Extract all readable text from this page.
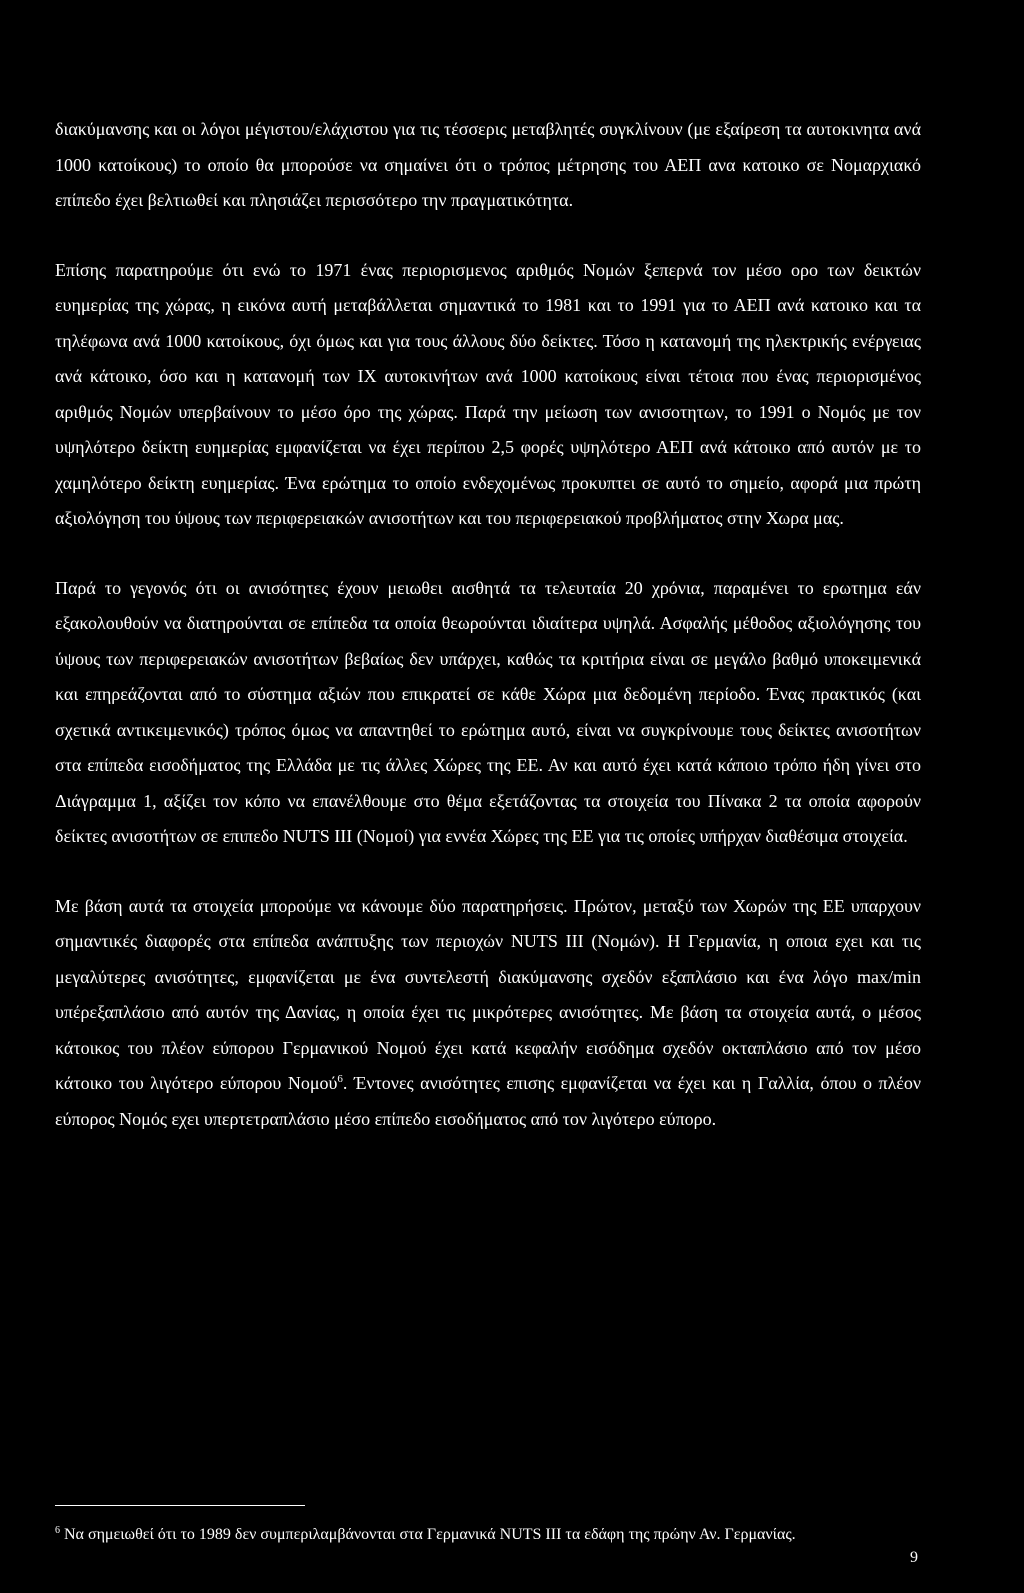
διακύμανσης και οι λόγοι μέγιστου/ελάχιστου για τις τέσσερις μεταβλητές συγκλίνουν (με εξαίρεση τα αυτοκινητα ανά 1000 κατοίκους) το οποίο θα μπορούσε να σημαίνει ότι ο τρόπος μέτρησης του ΑΕΠ ανα κατοικο σε Νομαρχιακό επίπεδο έχει βελτιωθεί και πλησιάζει περισσότερο την πραγματικότητα.

Επίσης παρατηρούμε ότι ενώ το 1971 ένας περιορισμενος αριθμός Νομών ξεπερνά τον μέσο ορο των δεικτών ευημερίας της χώρας, η εικόνα αυτή μεταβάλλεται σημαντικά το 1981 και το 1991 για το ΑΕΠ ανά κατοικο και τα τηλέφωνα ανά 1000 κατοίκους, όχι όμως και για τους άλλους δύο δείκτες. Τόσο η κατανομή της ηλεκτρικής ενέργειας ανά κάτοικο, όσο και η κατανομή των ΙΧ αυτοκινήτων ανά 1000 κατοίκους είναι τέτοια που ένας περιορισμένος αριθμός Νομών υπερβαίνουν το μέσο όρο της χώρας. Παρά την μείωση των ανισοτητων, το 1991 ο Νομός με τον υψηλότερο δείκτη ευημερίας εμφανίζεται να έχει περίπου 2,5 φορές υψηλότερο ΑΕΠ ανά κάτοικο από αυτόν με το χαμηλότερο δείκτη ευημερίας. Ένα ερώτημα το οποίο ενδεχομένως προκυπτει σε αυτό το σημείο, αφορά μια πρώτη αξιολόγηση του ύψους των περιφερειακών ανισοτήτων και του περιφερειακού προβλήματος στην Χωρα μας.

Παρά το γεγονός ότι οι ανισότητες έχουν μειωθει αισθητά τα τελευταία 20 χρόνια, παραμένει το ερωτημα εάν εξακολουθούν να διατηρούνται σε επίπεδα τα οποία θεωρούνται ιδιαίτερα υψηλά. Ασφαλής μέθοδος αξιολόγησης του ύψους των περιφερειακών ανισοτήτων βεβαίως δεν υπάρχει, καθώς τα κριτήρια είναι σε μεγάλο βαθμό υποκειμενικά και επηρεάζονται από το σύστημα αξιών που επικρατεί σε κάθε Χώρα μια δεδομένη περίοδο. Ένας πρακτικός (και σχετικά αντικειμενικός) τρόπος όμως να απαντηθεί το ερώτημα αυτό, είναι να συγκρίνουμε τους δείκτες ανισοτήτων στα επίπεδα εισοδήματος της Ελλάδα με τις άλλες Χώρες της ΕΕ. Αν και αυτό έχει κατά κάποιο τρόπο ήδη γίνει στο Διάγραμμα 1, αξίζει τον κόπο να επανέλθουμε στο θέμα εξετάζοντας τα στοιχεία του Πίνακα 2 τα οποία αφορούν δείκτες ανισοτήτων σε επιπεδο NUTS III (Νομοί) για εννέα Χώρες της ΕΕ για τις οποίες υπήρχαν διαθέσιμα στοιχεία.

Με βάση αυτά τα στοιχεία μπορούμε να κάνουμε δύο παρατηρήσεις. Πρώτον, μεταξύ των Χωρών της ΕΕ υπαρχουν σημαντικές διαφορές στα επίπεδα ανάπτυξης των περιοχών NUTS III (Νομών). Η Γερμανία, η οποια εχει και τις μεγαλύτερες ανισότητες, εμφανίζεται με ένα συντελεστή διακύμανσης σχεδόν εξαπλάσιο και ένα λόγο max/min υπέρεξαπλάσιο από αυτόν της Δανίας, η οποία έχει τις μικρότερες ανισότητες. Με βάση τα στοιχεία αυτά, ο μέσος κάτοικος του πλέον εύπορου Γερμανικού Νομού έχει κατά κεφαλήν εισόδημα σχεδόν οκταπλάσιο από τον μέσο κάτοικο του λιγότερο εύπορου Νομού$^6$. Έντονες ανισότητες επισης εμφανίζεται να έχει και η Γαλλία, όπου ο πλέον εύπορος Νομός εχει υπερτετραπλάσιο μέσο επίπεδο εισοδήματος από τον λιγότερο εύπορο.

$^6$ Να σημειωθεί ότι το 1989 δεν συμπεριλαμβάνονται στα Γερμανικά NUTS III τα εδάφη της πρώην Αν. Γερμανίας.
9
